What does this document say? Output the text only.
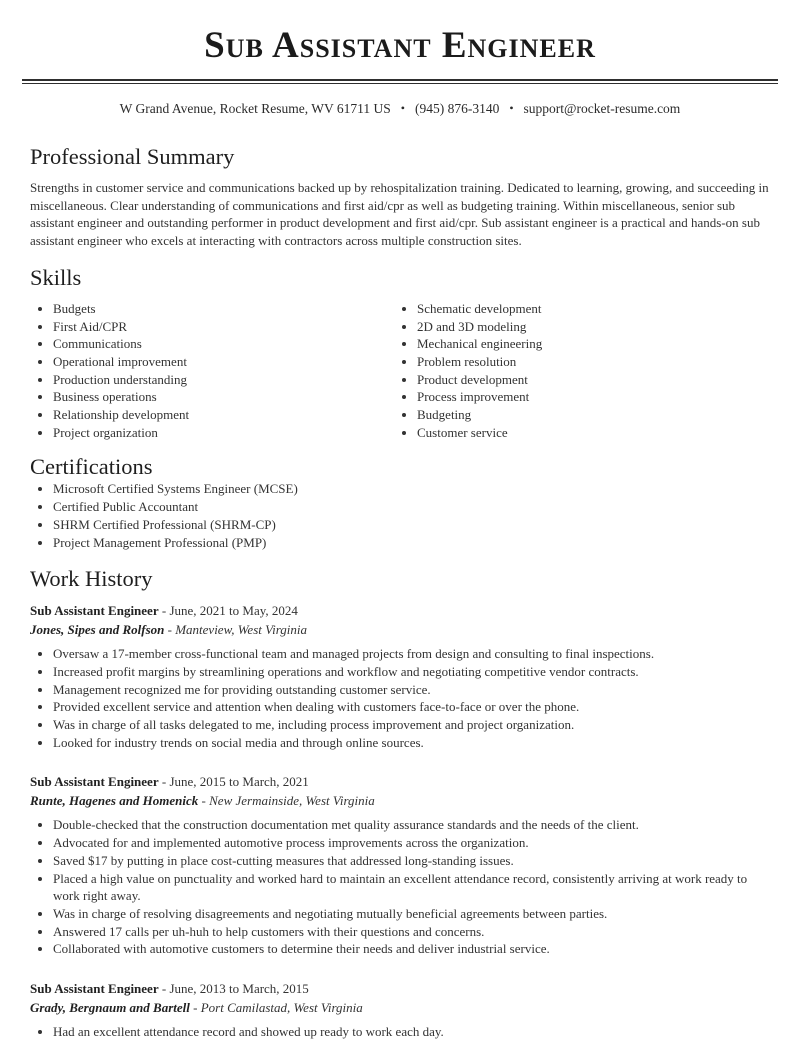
Sub Assistant Engineer
W Grand Avenue, Rocket Resume, WV 61711 US • (945) 876-3140 • support@rocket-resume.com
Professional Summary

Strengths in customer service and communications backed up by rehospitalization training. Dedicated to learning, growing, and succeeding in miscellaneous. Clear understanding of communications and first aid/cpr as well as budgeting training. Within miscellaneous, senior sub assistant engineer and outstanding performer in product development and first aid/cpr. Sub assistant engineer is a practical and hands-on sub assistant engineer who excels at interacting with contractors across multiple construction sites.

Skills
• Budgets
• First Aid/CPR
• Communications
• Operational improvement
• Production understanding
• Business operations
• Relationship development
• Project organization
• Schematic development
• 2D and 3D modeling
• Mechanical engineering
• Problem resolution
• Product development
• Process improvement
• Budgeting
• Customer service
Certifications
• Microsoft Certified Systems Engineer (MCSE)
• Certified Public Accountant
• SHRM Certified Professional (SHRM-CP)
• Project Management Professional (PMP)
Work History

Sub Assistant Engineer - June, 2021 to May, 2024

Jones, Sipes and Rolfson - Manteview, West Virginia

• Oversaw a 17-member cross-functional team and managed projects from design and consulting to final inspections.
• Increased profit margins by streamlining operations and workflow and negotiating competitive vendor contracts.
• Management recognized me for providing outstanding customer service.
• Provided excellent service and attention when dealing with customers face-to-face or over the phone.
• Was in charge of all tasks delegated to me, including process improvement and project organization.
• Looked for industry trends on social media and through online sources.

Sub Assistant Engineer - June, 2015 to March, 2021

Runte, Hagenes and Homenick - New Jermainside, West Virginia

• Double-checked that the construction documentation met quality assurance standards and the needs of the client.
• Advocated for and implemented automotive process improvements across the organization.
• Saved $17 by putting in place cost-cutting measures that addressed long-standing issues.
• Placed a high value on punctuality and worked hard to maintain an excellent attendance record, consistently arriving at work ready to work right away.
• Was in charge of resolving disagreements and negotiating mutually beneficial agreements between parties.
• Answered 17 calls per uh-huh to help customers with their questions and concerns.
• Collaborated with automotive customers to determine their needs and deliver industrial service.

Sub Assistant Engineer - June, 2013 to March, 2015

Grady, Bergnaum and Bartell - Port Camilastad, West Virginia

• Had an excellent attendance record and showed up ready to work each day.
